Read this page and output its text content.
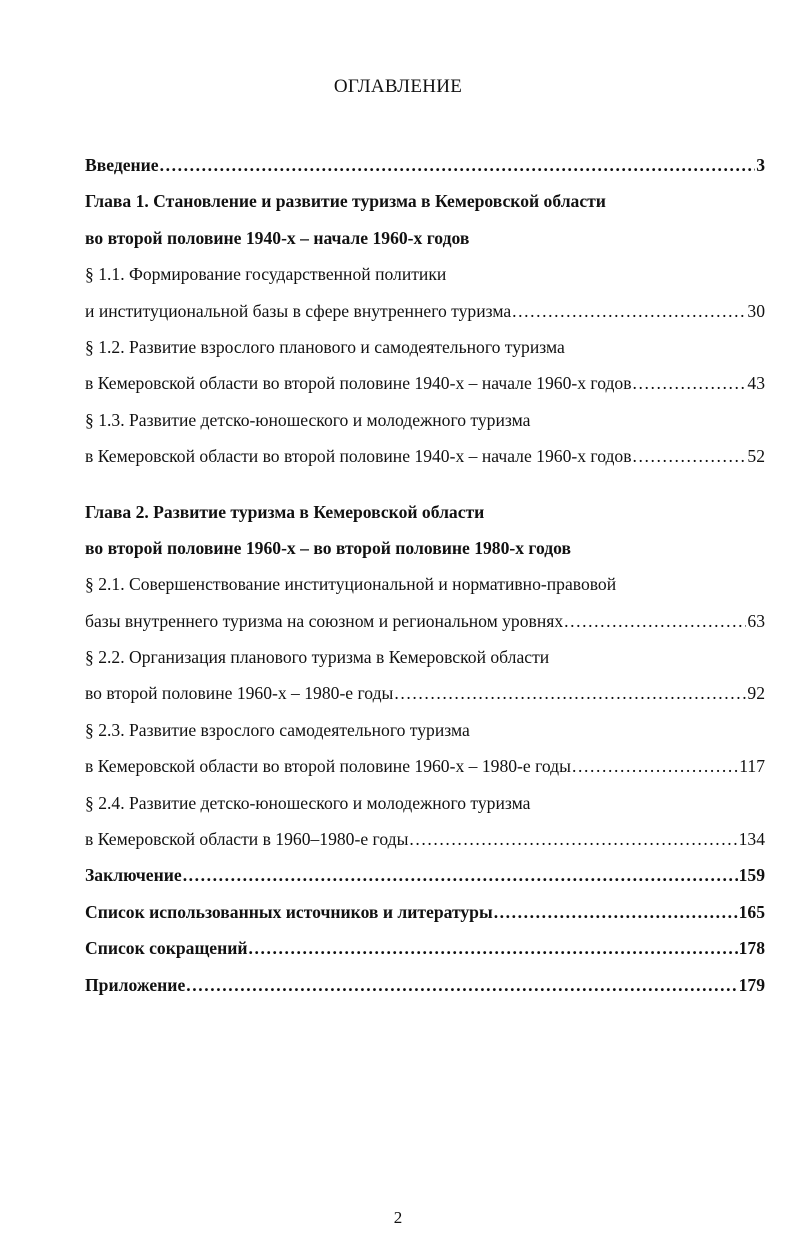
ОГЛАВЛЕНИЕ
Введение .....	3
Глава 1. Становление и развитие туризма в Кемеровской области
во второй половине 1940-х – начале 1960-х годов
§ 1.1. Формирование государственной политики
и институциональной базы в сфере внутреннего туризма .....	30
§ 1.2. Развитие взрослого планового и самодеятельного туризма
в Кемеровской области во второй половине 1940-х – начале 1960-х годов .....	43
§ 1.3. Развитие детско-юношеского и молодежного туризма
в Кемеровской области во второй половине 1940-х – начале 1960-х годов .....	52
Глава 2. Развитие туризма в Кемеровской области
во второй половине 1960-х – во второй половине 1980-х годов
§ 2.1. Совершенствование институциональной и нормативно-правовой
базы внутреннего туризма на союзном и региональном уровнях .....	63
§ 2.2. Организация планового туризма в Кемеровской области
во второй половине 1960-х – 1980-е годы .....	92
§ 2.3. Развитие взрослого самодеятельного туризма
в Кемеровской области во второй половине 1960-х – 1980-е годы .....	117
§ 2.4. Развитие детско-юношеского и молодежного туризма
в Кемеровской области в 1960–1980-е годы .....	134
Заключение .....	159
Список использованных источников и литературы .....	165
Список сокращений .....	178
Приложение .....	179
2
